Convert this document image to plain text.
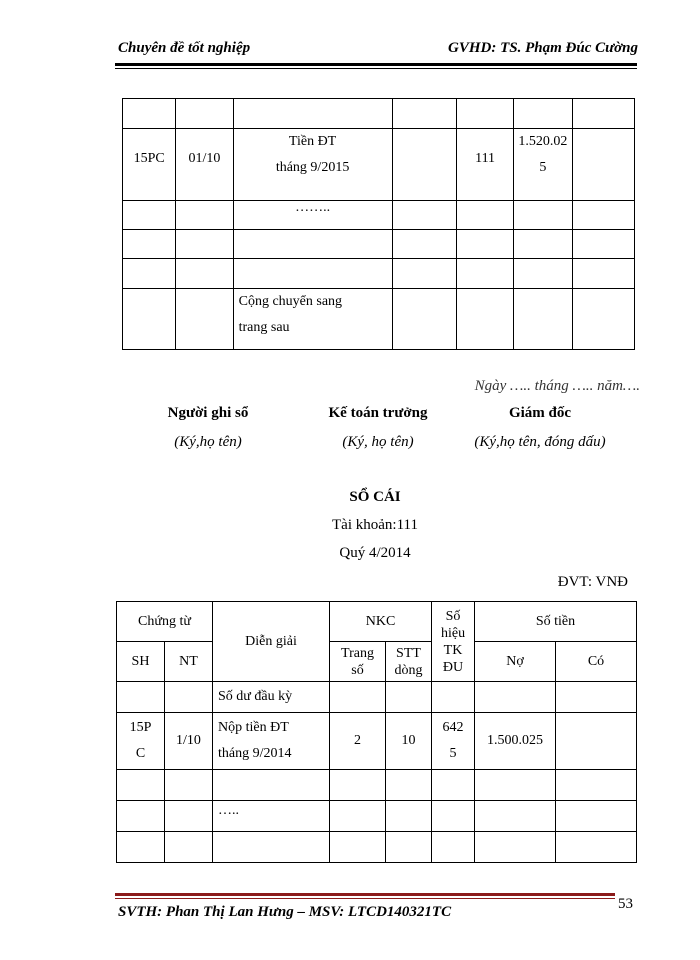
Chuyên đề tốt nghiệp	GVHD: TS. Phạm Đúc Cường

15PC	01/10	Tiền ĐT tháng 9/2015		111	1.520.025	

		……..				

		Cộng chuyển sang trang sau				

Ngày ….. tháng ….. năm….
Người ghi sổ
(Ký,họ tên)
Kế toán trưởng
(Ký, họ tên)
Giám đốc
(Ký,họ tên, đóng dấu)
SỔ CÁI
Tài khoản:111
Quý 4/2014
ĐVT: VNĐ
Chứng từ		Diễn giải	NKC		Số hiệu TK ĐU	Số tiền	
SH	NT		Trang số	STT dòng		Nợ	Có
		Số dư đầu kỳ					

15PC	1/10	Nộp tiền ĐT tháng 9/2014	2	10	6425	1.500.025	

		…..					

SVTH: Phan Thị Lan Hưng – MSV: LTCD140321TC	53
